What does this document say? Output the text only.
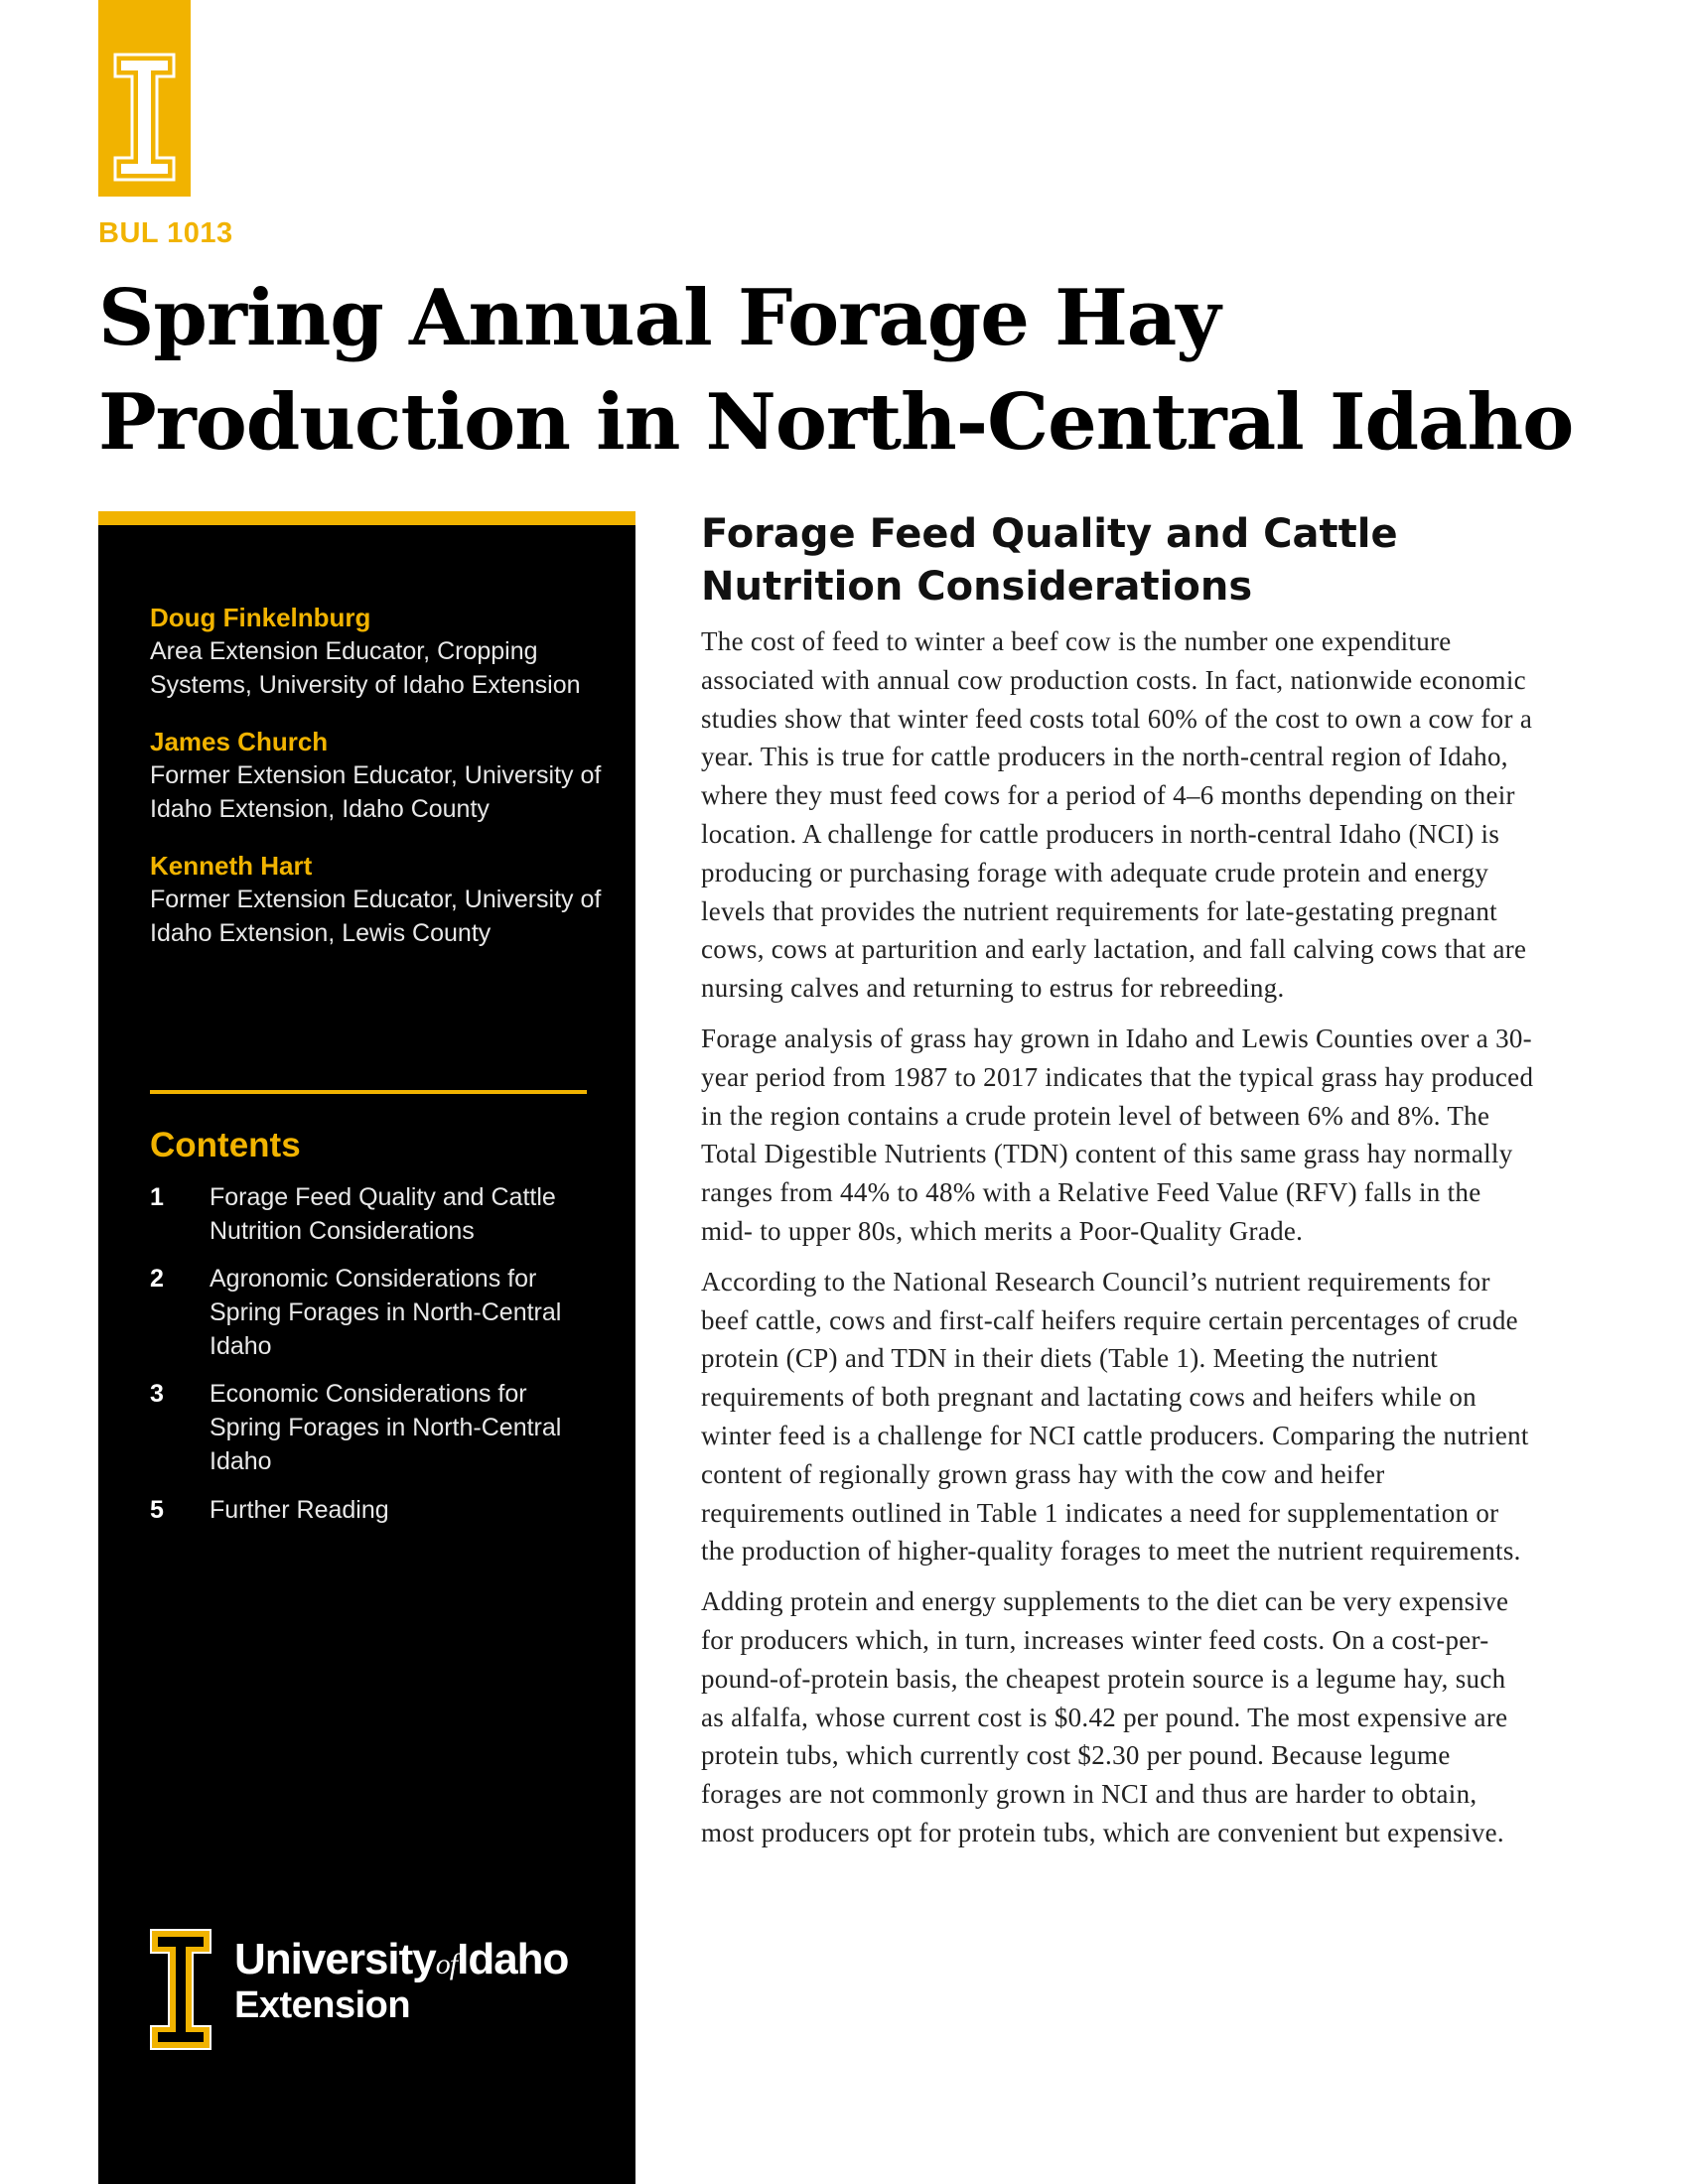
BUL 1013
Spring Annual Forage Hay
Production in North-Central Idaho
Doug Finkelnburg
Area Extension Educator, Cropping Systems, University of Idaho Extension
James Church
Former Extension Educator, University of Idaho Extension, Idaho County
Kenneth Hart
Former Extension Educator, University of Idaho Extension, Lewis County
Contents
1 Forage Feed Quality and Cattle Nutrition Considerations
2 Agronomic Considerations for Spring Forages in North-Central Idaho
3 Economic Considerations for Spring Forages in North-Central Idaho
5 Further Reading
UniversityofIdaho
Extension
Forage Feed Quality and Cattle Nutrition Considerations

The cost of feed to winter a beef cow is the number one expenditure associated with annual cow production costs. In fact, nationwide economic studies show that winter feed costs total 60% of the cost to own a cow for a year. This is true for cattle producers in the north-central region of Idaho, where they must feed cows for a period of 4–6 months depending on their location. A challenge for cattle producers in north-central Idaho (NCI) is producing or purchasing forage with adequate crude protein and energy levels that provides the nutrient requirements for late-gestating pregnant cows, cows at parturition and early lactation, and fall calving cows that are nursing calves and returning to estrus for rebreeding.

Forage analysis of grass hay grown in Idaho and Lewis Counties over a 30-year period from 1987 to 2017 indicates that the typical grass hay produced in the region contains a crude protein level of between 6% and 8%. The Total Digestible Nutrients (TDN) content of this same grass hay normally ranges from 44% to 48% with a Relative Feed Value (RFV) falls in the mid- to upper 80s, which merits a Poor-Quality Grade.

According to the National Research Council’s nutrient requirements for beef cattle, cows and first-calf heifers require certain percentages of crude protein (CP) and TDN in their diets (Table 1). Meeting the nutrient requirements of both pregnant and lactating cows and heifers while on winter feed is a challenge for NCI cattle producers. Comparing the nutrient content of regionally grown grass hay with the cow and heifer requirements outlined in Table 1 indicates a need for supplementation or the production of higher-quality forages to meet the nutrient requirements.

Adding protein and energy supplements to the diet can be very expensive for producers which, in turn, increases winter feed costs. On a cost-per-pound-of-protein basis, the cheapest protein source is a legume hay, such as alfalfa, whose current cost is $0.42 per pound. The most expensive are protein tubs, which currently cost $2.30 per pound. Because legume forages are not commonly grown in NCI and thus are harder to obtain, most producers opt for protein tubs, which are convenient but expensive.
